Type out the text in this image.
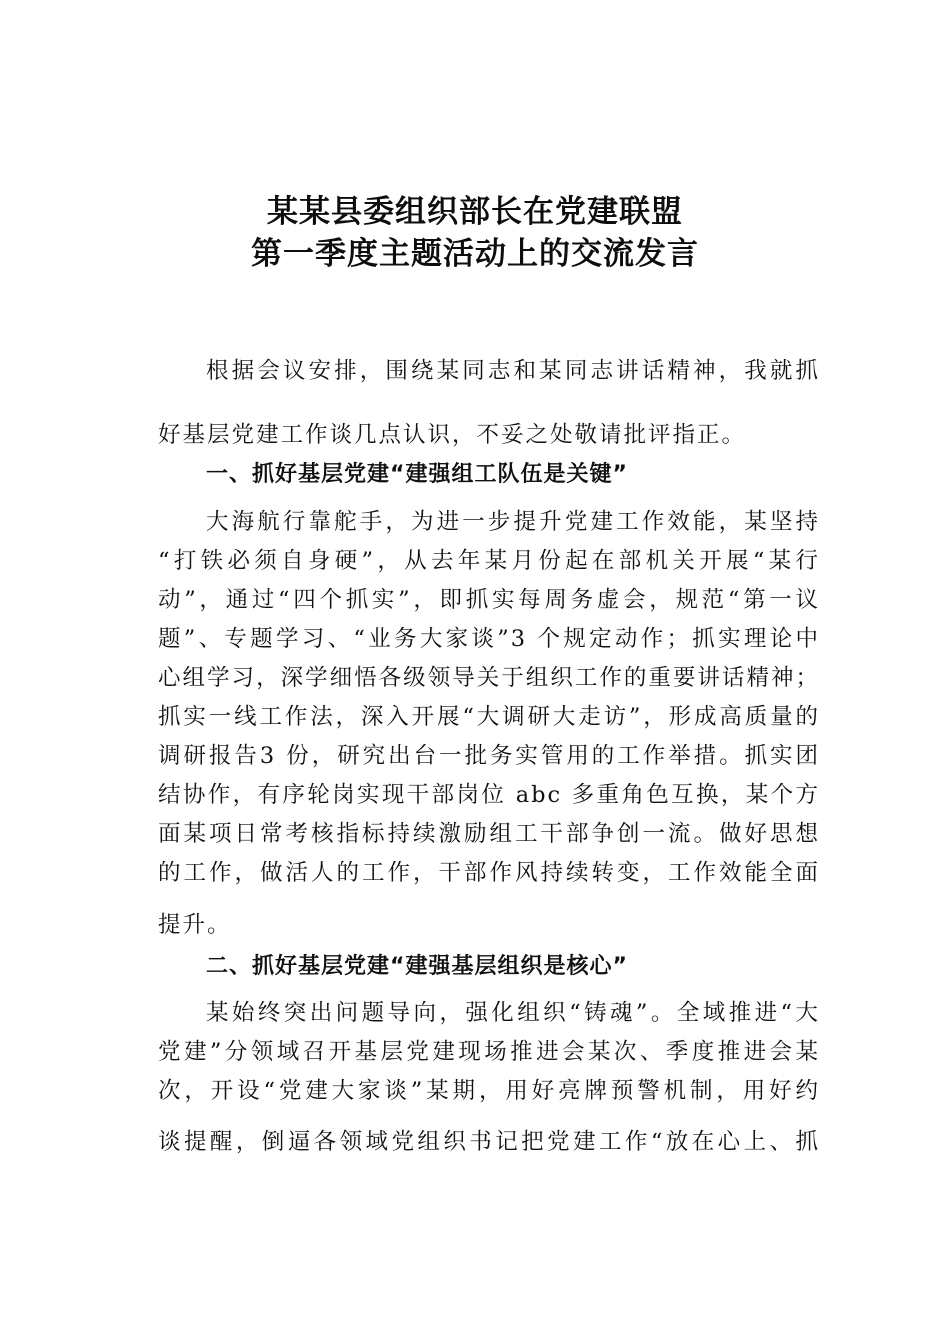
某某县委组织部长在党建联盟
第一季度主题活动上的交流发言
根据会议安排，围绕某同志和某同志讲话精神，我就抓
好基层党建工作谈几点认识，不妥之处敬请批评指正。
一、抓好基层党建“建强组工队伍是关键”
大海航行靠舵手，为进一步提升党建工作效能，某坚持
“打铁必须自身硬”，从去年某月份起在部机关开展“某行
动”，通过“四个抓实”，即抓实每周务虚会，规范“第一议
题”、专题学习、“业务大家谈”3 个规定动作；抓实理论中
心组学习，深学细悟各级领导关于组织工作的重要讲话精神；
抓实一线工作法，深入开展“大调研大走访”，形成高质量的
调研报告3 份，研究出台一批务实管用的工作举措。抓实团
结协作，有序轮岗实现干部岗位 abc 多重角色互换，某个方
面某项日常考核指标持续激励组工干部争创一流。做好思想
的工作，做活人的工作，干部作风持续转变，工作效能全面
提升。
二、抓好基层党建“建强基层组织是核心”
某始终突出问题导向，强化组织“铸魂”。全域推进“大
党建”分领域召开基层党建现场推进会某次、季度推进会某
次，开设“党建大家谈”某期，用好亮牌预警机制，用好约
谈提醒，倒逼各领域党组织书记把党建工作“放在心上、抓
